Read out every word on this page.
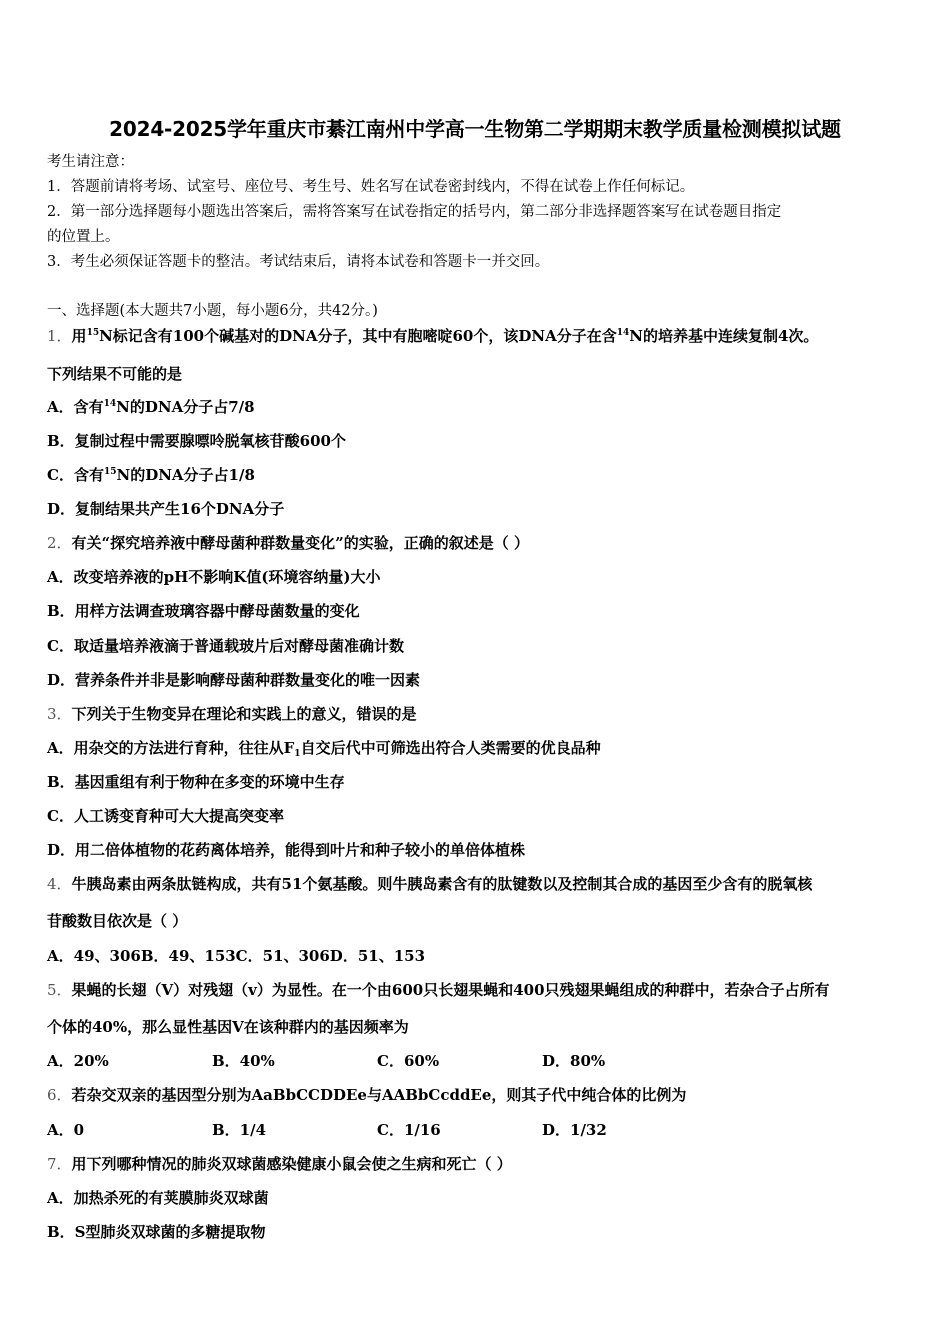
2024-2025学年重庆市綦江南州中学高一生物第二学期期末教学质量检测模拟试题
考生请注意：
1．答题前请将考场、试室号、座位号、考生号、姓名写在试卷密封线内，不得在试卷上作任何标记。
2．第一部分选择题每小题选出答案后，需将答案写在试卷指定的括号内，第二部分非选择题答案写在试卷题目指定
的位置上。
3．考生必须保证答题卡的整洁。考试结束后，请将本试卷和答题卡一并交回。
一、选择题(本大题共7小题，每小题6分，共42分。)
1．用$^{15}$N标记含有100个碱基对的DNA分子，其中有胞嘧啶60个，该DNA分子在含$^{14}$N的培养基中连续复制4次。
下列结果不可能的是
A．含有$^{14}$N的DNA分子占7/8
B．复制过程中需要腺嘌呤脱氧核苷酸600个
C．含有$^{15}$N的DNA分子占1/8
D．复制结果共产生16个DNA分子
2．有关“探究培养液中酵母菌种群数量变化”的实验，正确的叙述是（ ）
A．改变培养液的pH不影响K值(环境容纳量)大小
B．用样方法调查玻璃容器中酵母菌数量的变化
C．取适量培养液滴于普通载玻片后对酵母菌准确计数
D．营养条件并非是影响酵母菌种群数量变化的唯一因素
3．下列关于生物变异在理论和实践上的意义，错误的是
A．用杂交的方法进行育种，往往从$F_1$自交后代中可筛选出符合人类需要的优良品种
B．基因重组有利于物种在多变的环境中生存
C．人工诱变育种可大大提高突变率
D．用二倍体植物的花药离体培养，能得到叶片和种子较小的单倍体植株
4．牛胰岛素由两条肽链构成，共有51个氨基酸。则牛胰岛素含有的肽键数以及控制其合成的基因至少含有的脱氧核
苷酸数目依次是（ ）
A．49、306B．49、153C．51、306D．51、153
5．果蝇的长翅（V）对残翅（v）为显性。在一个由600只长翅果蝇和400只残翅果蝇组成的种群中，若杂合子占所有
个体的40%，那么显性基因V在该种群内的基因频率为
A．20%	B．40%	C．60%	D．80%
6．若杂交双亲的基因型分别为AaBbCCDDEe与AABbCcddEe，则其子代中纯合体的比例为
A．0	B．1/4	C．1/16	D．1/32
7．用下列哪种情况的肺炎双球菌感染健康小鼠会使之生病和死亡（ ）
A．加热杀死的有荚膜肺炎双球菌
B．S型肺炎双球菌的多糖提取物
